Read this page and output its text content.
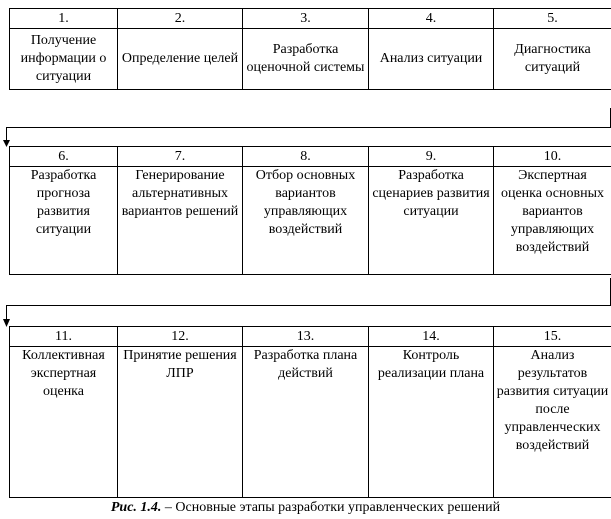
1.	2.	3.	4.	5.
Получение информации о ситуации	Определение целей	Разработка оценочной системы	Анализ ситуации	Диагностика ситуаций
6.	7.	8.	9.	10.
Разработка прогноза развития ситуации	Генерирование альтернативных вариантов решений	Отбор основных вариантов управляющих воздействий	Разработка сценариев развития ситуации	Экспертная оценка основных вариантов управляющих воздействий
11.	12.	13.	14.	15.
Коллективная экспертная оценка	Принятие решения ЛПР	Разработка плана действий	Контроль реализации плана	Анализ результатов развития ситуации после управленческих воздействий
Рис. 1.4. – Основные этапы разработки управленческих решений
